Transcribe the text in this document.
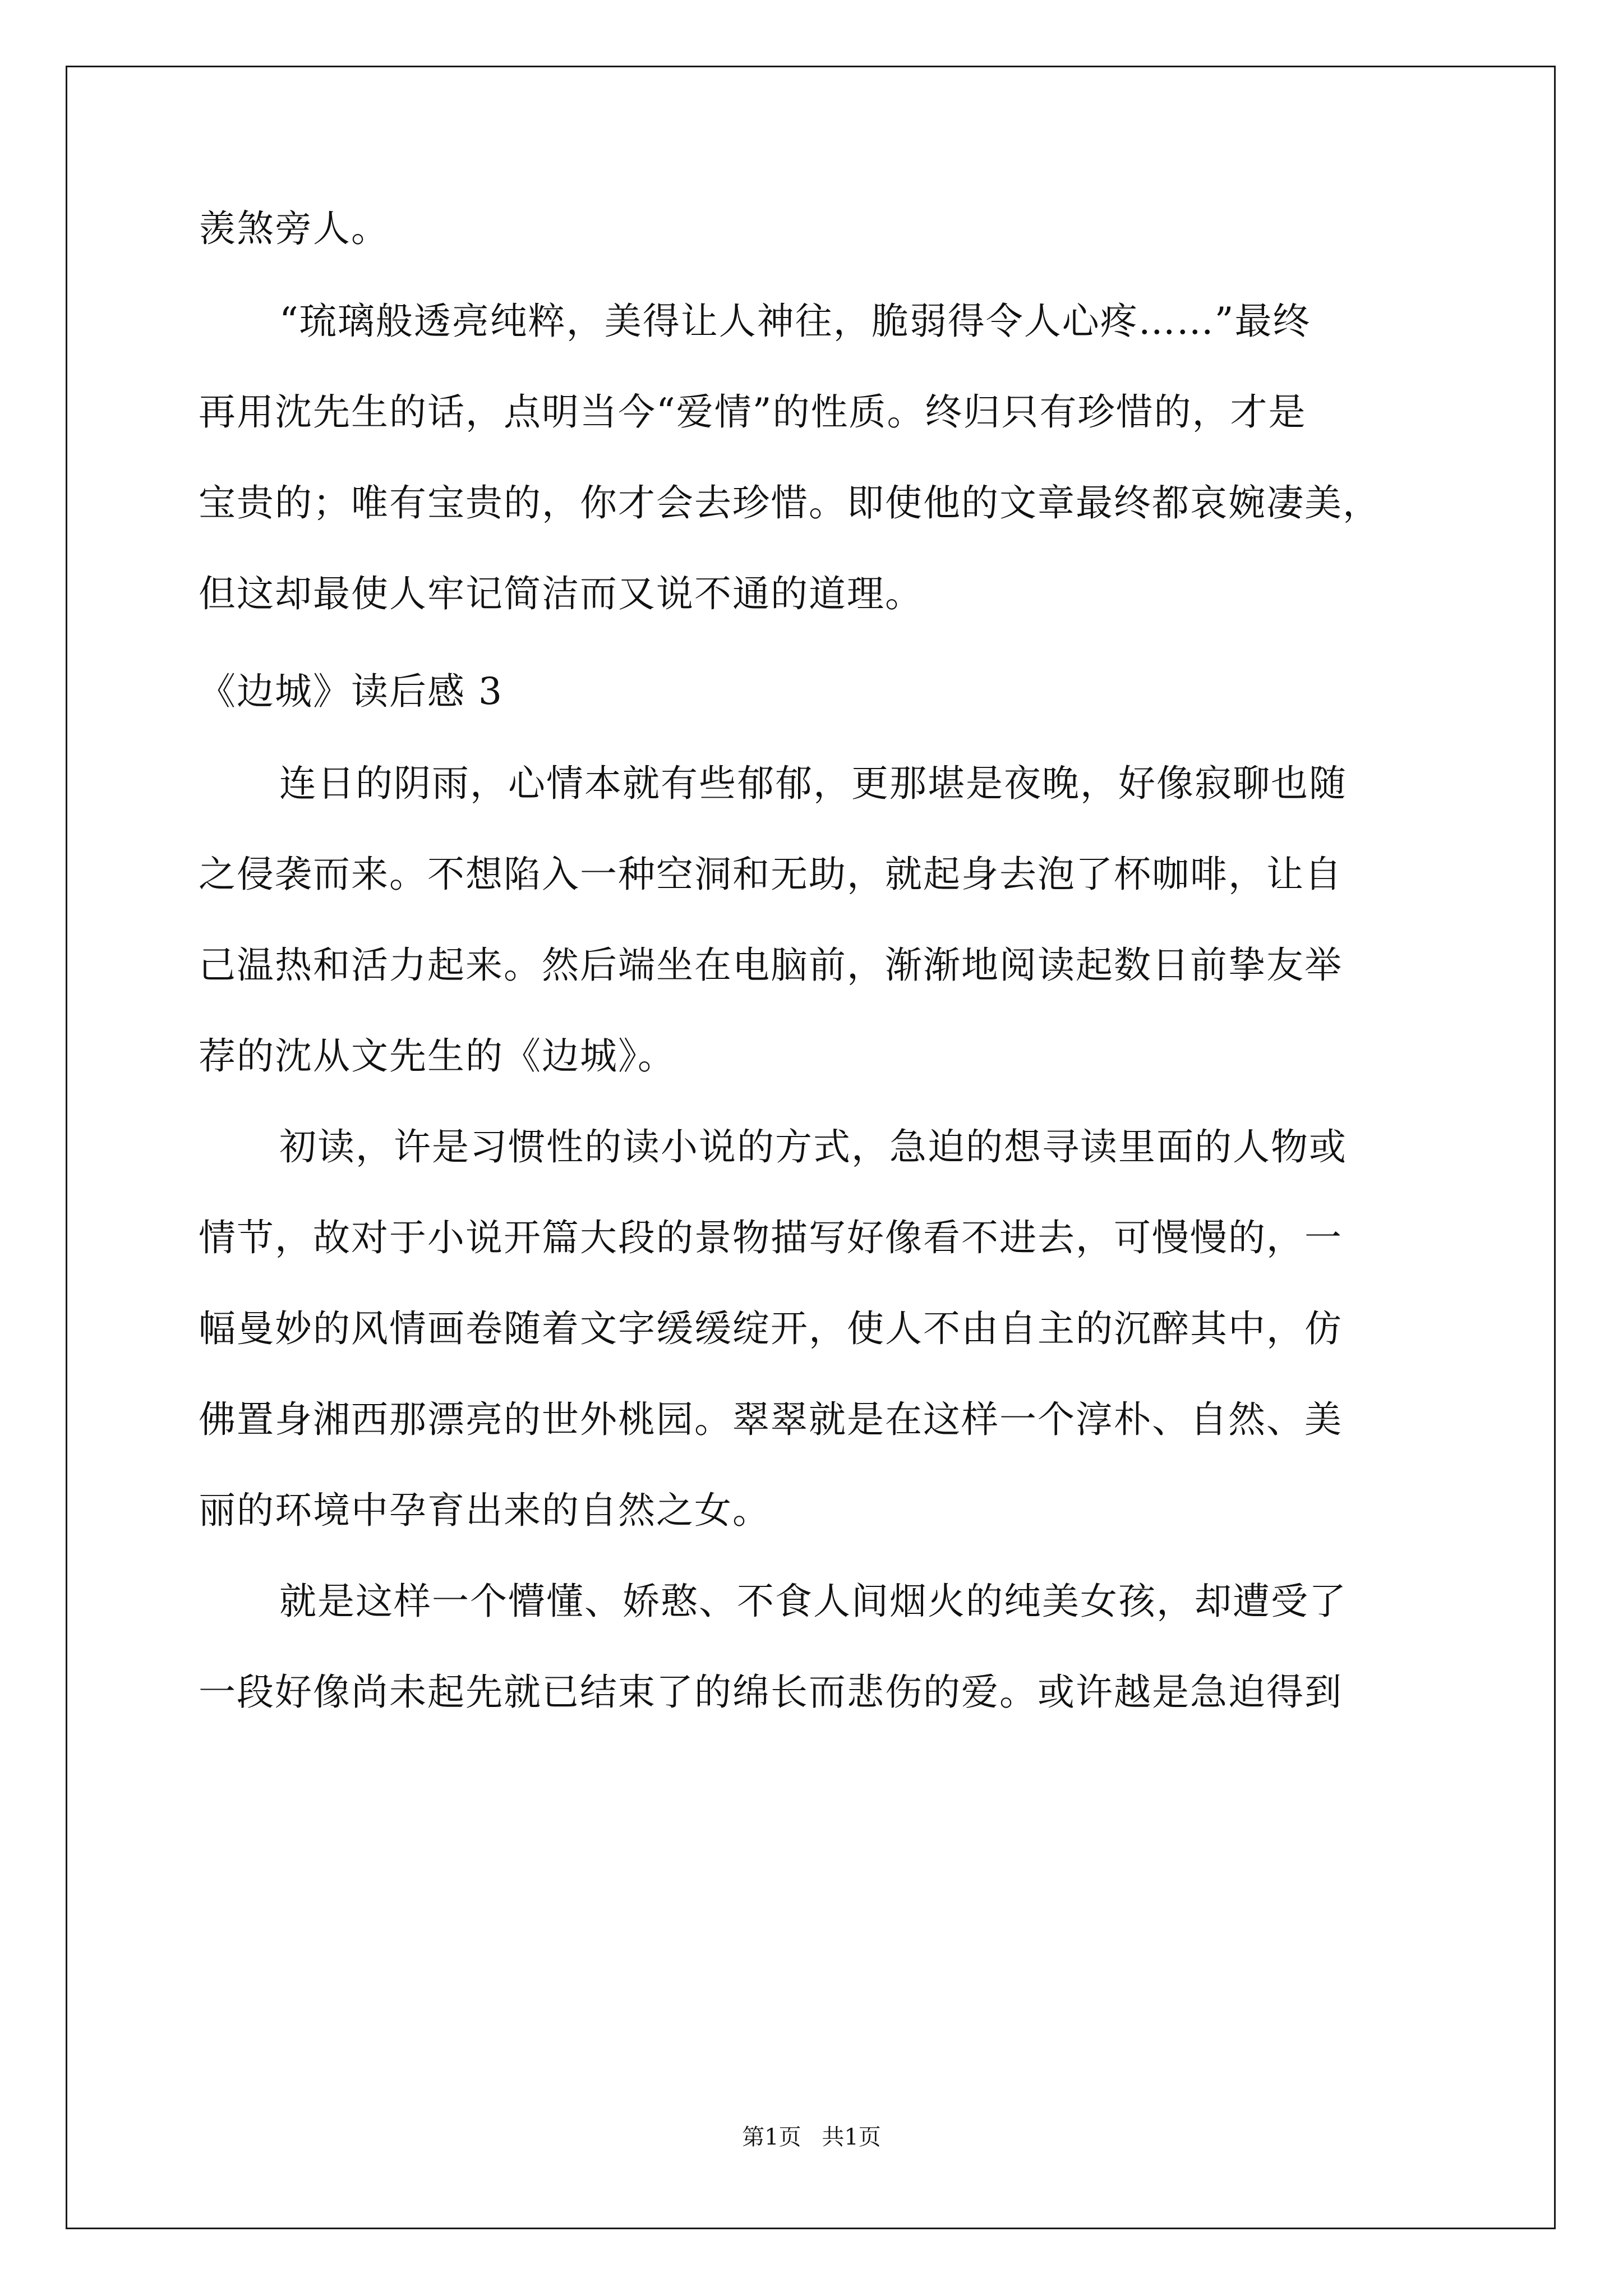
羡煞旁人。
“琉璃般透亮纯粹，美得让人神往，脆弱得令人心疼……”最终
再用沈先生的话，点明当今“爱情”的性质。终归只有珍惜的，才是
宝贵的；唯有宝贵的，你才会去珍惜。即使他的文章最终都哀婉凄美，
但这却最使人牢记简洁而又说不通的道理。
《边城》读后感 3
连日的阴雨，心情本就有些郁郁，更那堪是夜晚，好像寂聊也随
之侵袭而来。不想陷入一种空洞和无助，就起身去泡了杯咖啡，让自
己温热和活力起来。然后端坐在电脑前，渐渐地阅读起数日前挚友举
荐的沈从文先生的《边城》。
初读，许是习惯性的读小说的方式，急迫的想寻读里面的人物或
情节，故对于小说开篇大段的景物描写好像看不进去，可慢慢的，一
幅曼妙的风情画卷随着文字缓缓绽开，使人不由自主的沉醉其中，仿
佛置身湘西那漂亮的世外桃园。翠翠就是在这样一个淳朴、自然、美
丽的环境中孕育出来的自然之女。
就是这样一个懵懂、娇憨、不食人间烟火的纯美女孩，却遭受了
一段好像尚未起先就已结束了的绵长而悲伤的爱。或许越是急迫得到
第1页 共1页
